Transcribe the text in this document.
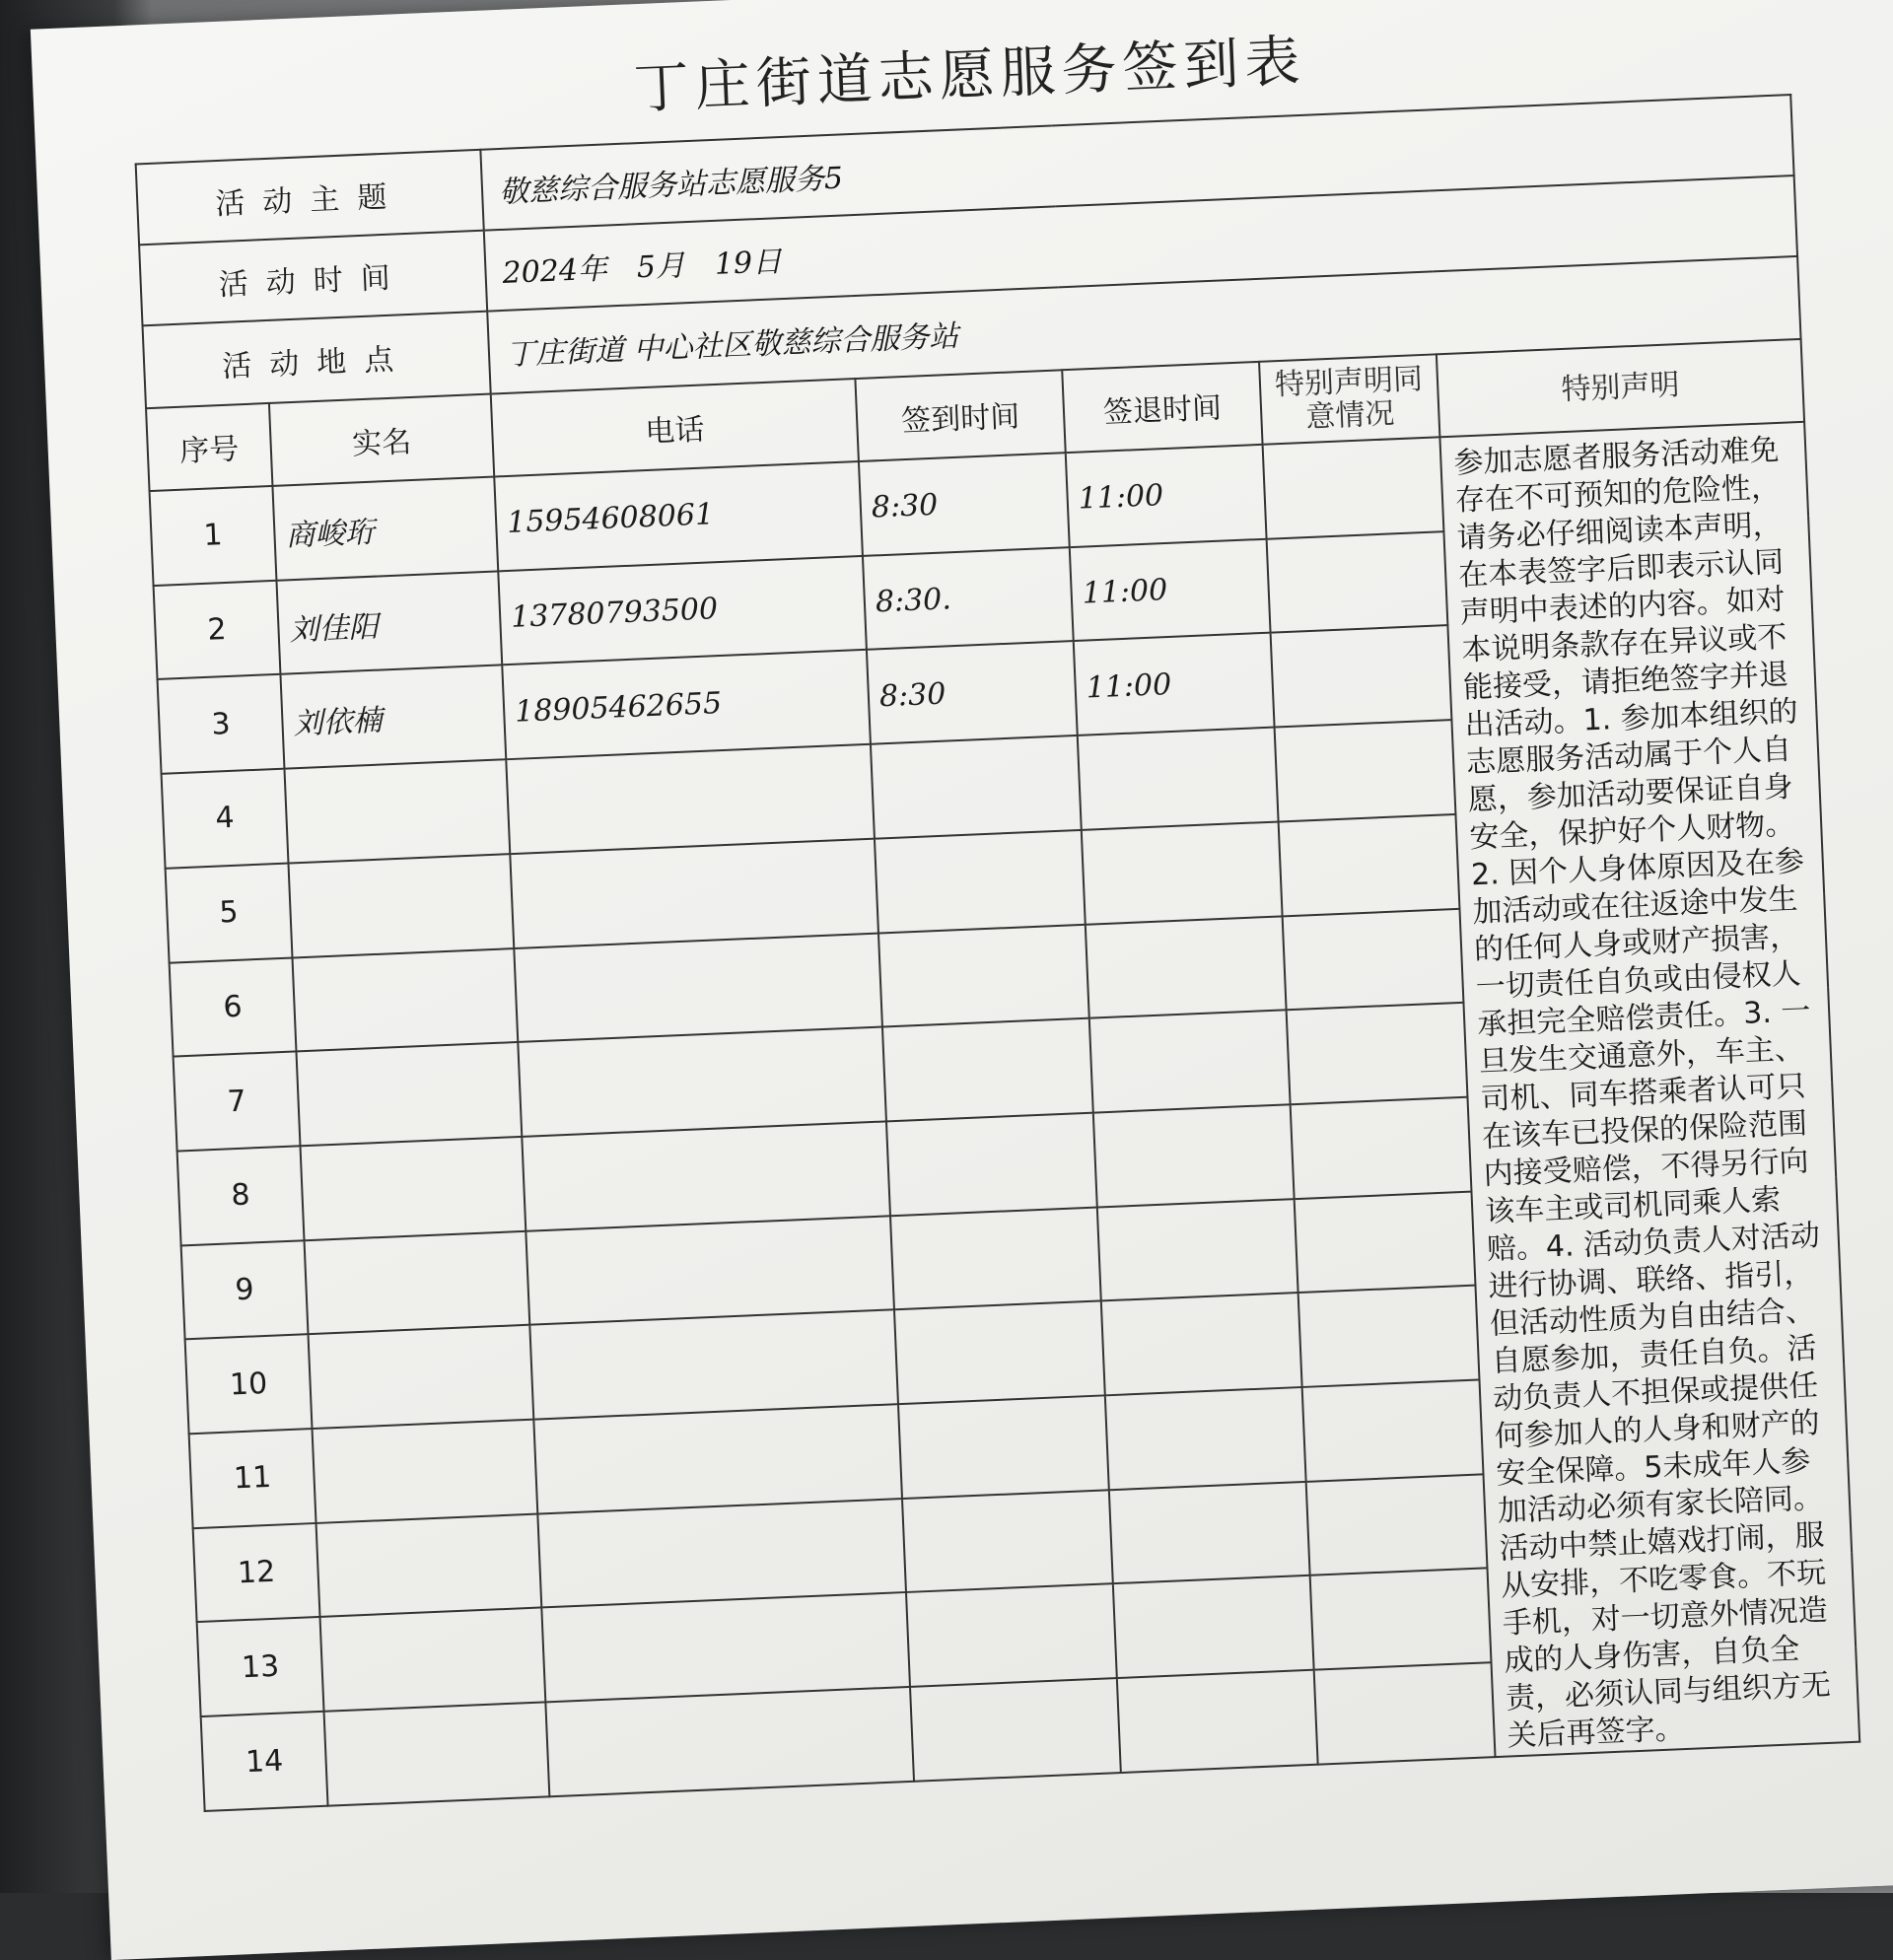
丁庄街道志愿服务签到表
活动主题		敬慈综合服务站志愿服务5				
活动时间		2024年　5月　19日				
活动地点		丁庄街道 中心社区敬慈综合服务站				
序号	实名	电话	签到时间	签退时间	特别声明同意情况	特别声明
1	商峻珩	15954608061	8:30	11:00		参加志愿者服务活动难免存在不可预知的危险性，请务必仔细阅读本声明，在本表签字后即表示认同声明中表述的内容。如对本说明条款存在异议或不能接受，请拒绝签字并退出活动。1. 参加本组织的志愿服务活动属于个人自愿，参加活动要保证自身安全，保护好个人财物。2. 因个人身体原因及在参加活动或在往返途中发生的任何人身或财产损害，一切责任自负或由侵权人承担完全赔偿责任。3. 一旦发生交通意外，车主、司机、同车搭乘者认可只在该车已投保的保险范围内接受赔偿，不得另行向该车主或司机同乘人索赔。4. 活动负责人对活动进行协调、联络、指引，但活动性质为自由结合、自愿参加，责任自负。活动负责人不担保或提供任何参加人的人身和财产的安全保障。5未成年人参加活动必须有家长陪同。活动中禁止嬉戏打闹，服从安排，不吃零食。不玩手机，对一切意外情况造成的人身伤害，自负全责，必须认同与组织方无关后再签字。
2	刘佳阳	13780793500	8:30.	11:00		
3	刘依楠	18905462655	8:30	11:00		
4						
5						
6						
7						
8						
9						
10						
11						
12						
13						
14						
